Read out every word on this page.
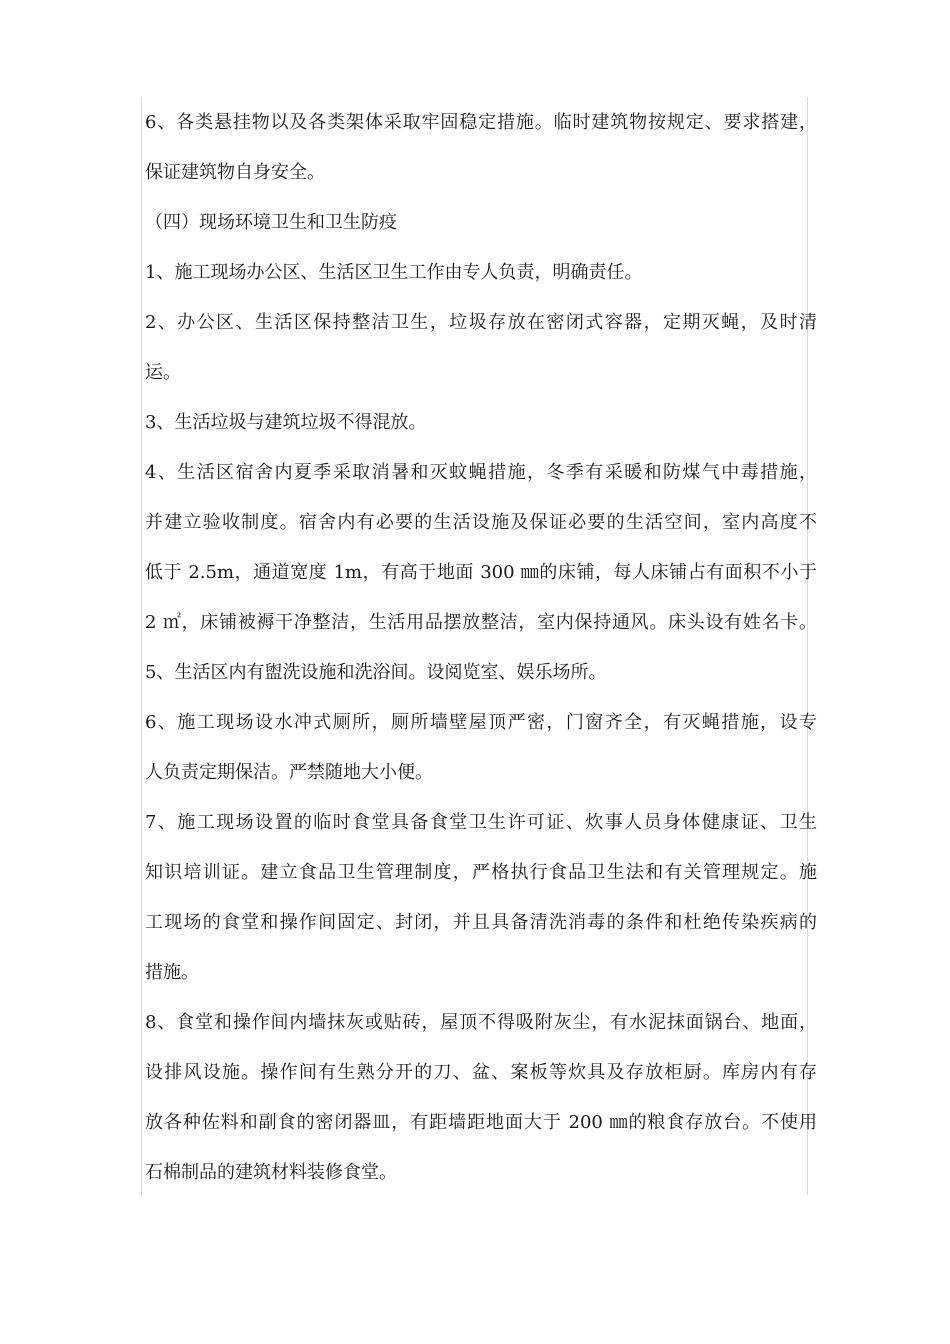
6、各类悬挂物以及各类架体采取牢固稳定措施。临时建筑物按规定、要求搭建，
保证建筑物自身安全。
（四）现场环境卫生和卫生防疫
1、施工现场办公区、生活区卫生工作由专人负责，明确责任。
2、办公区、生活区保持整洁卫生，垃圾存放在密闭式容器，定期灭蝇，及时清
运。
3、生活垃圾与建筑垃圾不得混放。
4、生活区宿舍内夏季采取消暑和灭蚊蝇措施，冬季有采暖和防煤气中毒措施，
并建立验收制度。宿舍内有必要的生活设施及保证必要的生活空间，室内高度不
低于 2.5m，通道宽度 1m，有高于地面 300 ㎜的床铺，每人床铺占有面积不小于
2 ㎡，床铺被褥干净整洁，生活用品摆放整洁，室内保持通风。床头设有姓名卡。
5、生活区内有盥洗设施和洗浴间。设阅览室、娱乐场所。
6、施工现场设水冲式厕所，厕所墙壁屋顶严密，门窗齐全，有灭蝇措施，设专
人负责定期保洁。严禁随地大小便。
7、施工现场设置的临时食堂具备食堂卫生许可证、炊事人员身体健康证、卫生
知识培训证。建立食品卫生管理制度，严格执行食品卫生法和有关管理规定。施
工现场的食堂和操作间固定、封闭，并且具备清洗消毒的条件和杜绝传染疾病的
措施。
8、食堂和操作间内墙抹灰或贴砖，屋顶不得吸附灰尘，有水泥抹面锅台、地面，
设排风设施。操作间有生熟分开的刀、盆、案板等炊具及存放柜厨。库房内有存
放各种佐料和副食的密闭器皿，有距墙距地面大于 200 ㎜的粮食存放台。不使用
石棉制品的建筑材料装修食堂。
